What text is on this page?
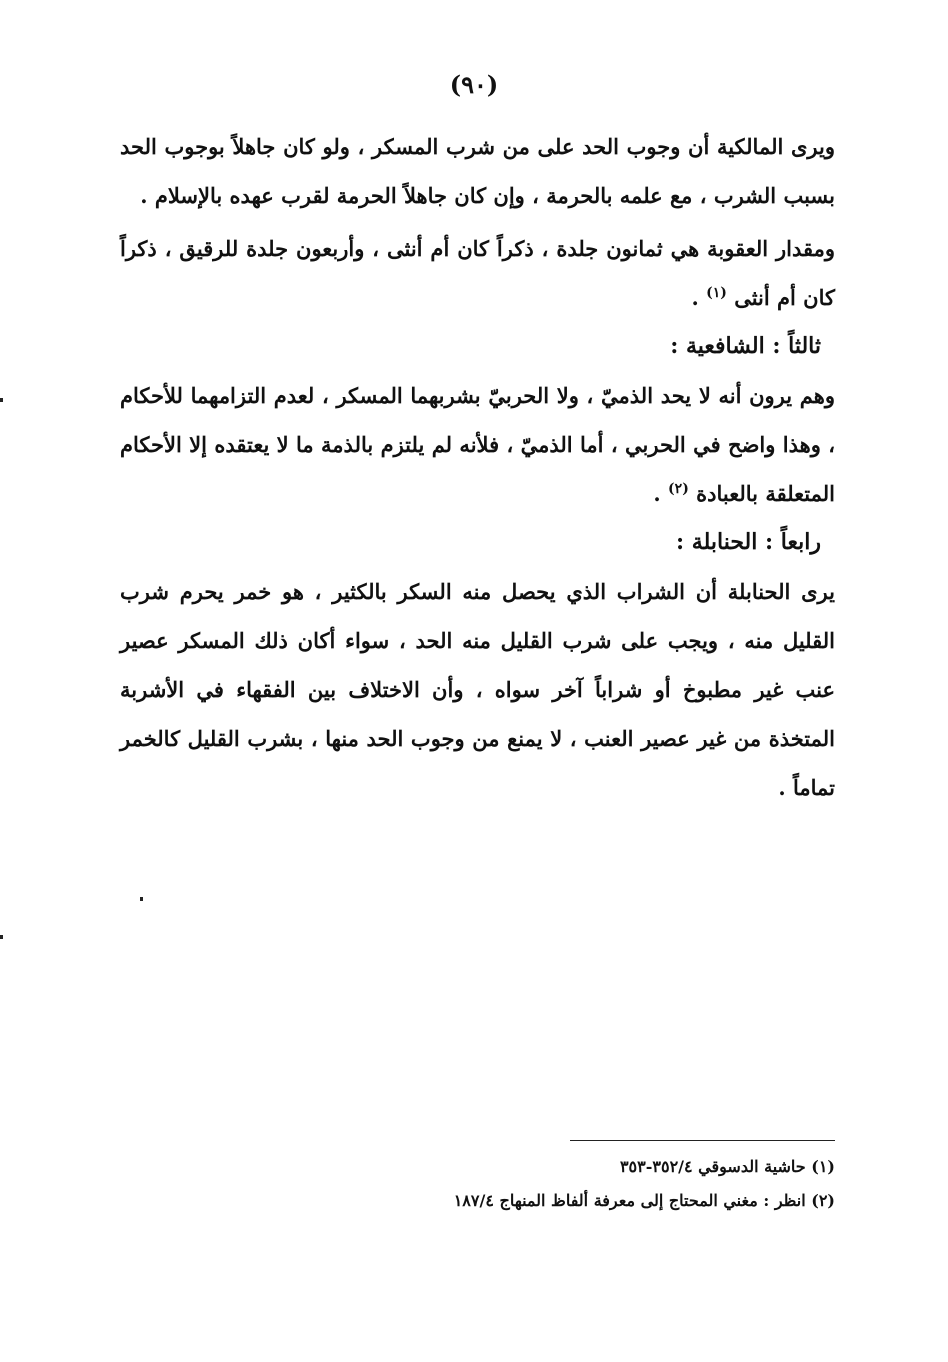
(٩٠)

ويرى المالكية أن وجوب الحد على من شرب المسكر ، ولو كان جاهلاً بوجوب الحد بسبب الشرب ، مع علمه بالحرمة ، وإن كان جاهلاً الحرمة لقرب عهده بالإسلام .

ومقدار العقوبة هي ثمانون جلدة ، ذكراً كان أم أنثى ، وأربعون جلدة للرقيق ، ذكراً كان أم أنثى $^{(١)}$ .

ثالثاً : الشافعية :

وهم يرون أنه لا يحد الذميّ ، ولا الحربيّ بشربهما المسكر ، لعدم التزامهما للأحكام ، وهذا واضح في الحربي ، أما الذميّ ، فلأنه لم يلتزم بالذمة ما لا يعتقده إلا الأحكام المتعلقة بالعبادة $^{(٢)}$ .

رابعاً : الحنابلة :

يرى الحنابلة أن الشراب الذي يحصل منه السكر بالكثير ، هو خمر يحرم شرب القليل منه ، ويجب على شرب القليل منه الحد ، سواء أكان ذلك المسكر عصير عنب غير مطبوخ أو شراباً آخر سواه ، وأن الاختلاف بين الفقهاء في الأشربة المتخذة من غير عصير العنب ، لا يمنع من وجوب الحد منها ، بشرب القليل كالخمر تماماً .

(١) حاشية الدسوقي ٣٥٢/٤-٣٥٣
(٢) انظر : مغني المحتاج إلى معرفة ألفاظ المنهاج ١٨٧/٤
